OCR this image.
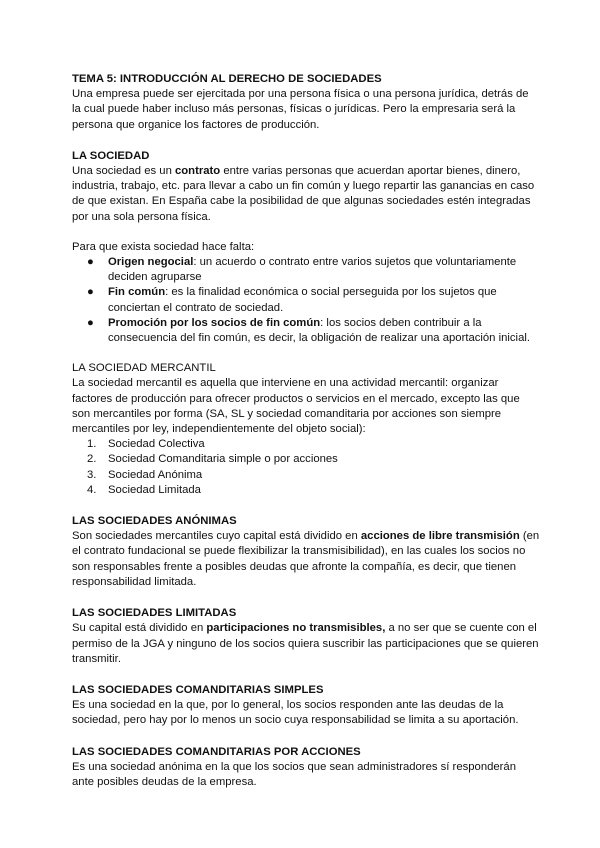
TEMA 5: INTRODUCCIÓN AL DERECHO DE SOCIEDADES

Una empresa puede ser ejercitada por una persona física o una persona jurídica, detrás de la cual puede haber incluso más personas, físicas o jurídicas. Pero la empresaria será la persona que organice los factores de producción.

LA SOCIEDAD

Una sociedad es un contrato entre varias personas que acuerdan aportar bienes, dinero, industria, trabajo, etc. para llevar a cabo un fin común y luego repartir las ganancias en caso de que existan. En España cabe la posibilidad de que algunas sociedades estén integradas por una sola persona física.

Para que exista sociedad hace falta:

● Origen negocial: un acuerdo o contrato entre varios sujetos que voluntariamente deciden agruparse
● Fin común: es la finalidad económica o social perseguida por los sujetos que conciertan el contrato de sociedad.
● Promoción por los socios de fin común: los socios deben contribuir a la consecuencia del fin común, es decir, la obligación de realizar una aportación inicial.

LA SOCIEDAD MERCANTIL

La sociedad mercantil es aquella que interviene en una actividad mercantil: organizar factores de producción para ofrecer productos o servicios en el mercado, excepto las que son mercantiles por forma (SA, SL y sociedad comanditaria por acciones son siempre mercantiles por ley, independientemente del objeto social):

1. Sociedad Colectiva
2. Sociedad Comanditaria simple o por acciones
3. Sociedad Anónima
4. Sociedad Limitada
LAS SOCIEDADES ANÓNIMAS

Son sociedades mercantiles cuyo capital está dividido en acciones de libre transmisión (en el contrato fundacional se puede flexibilizar la transmisibilidad), en las cuales los socios no son responsables frente a posibles deudas que afronte la compañía, es decir, que tienen responsabilidad limitada.

LAS SOCIEDADES LIMITADAS

Su capital está dividido en participaciones no transmisibles, a no ser que se cuente con el permiso de la JGA y ninguno de los socios quiera suscribir las participaciones que se quieren transmitir.

LAS SOCIEDADES COMANDITARIAS SIMPLES

Es una sociedad en la que, por lo general, los socios responden ante las deudas de la sociedad, pero hay por lo menos un socio cuya responsabilidad se limita a su aportación.

LAS SOCIEDADES COMANDITARIAS POR ACCIONES

Es una sociedad anónima en la que los socios que sean administradores sí responderán ante posibles deudas de la empresa.
